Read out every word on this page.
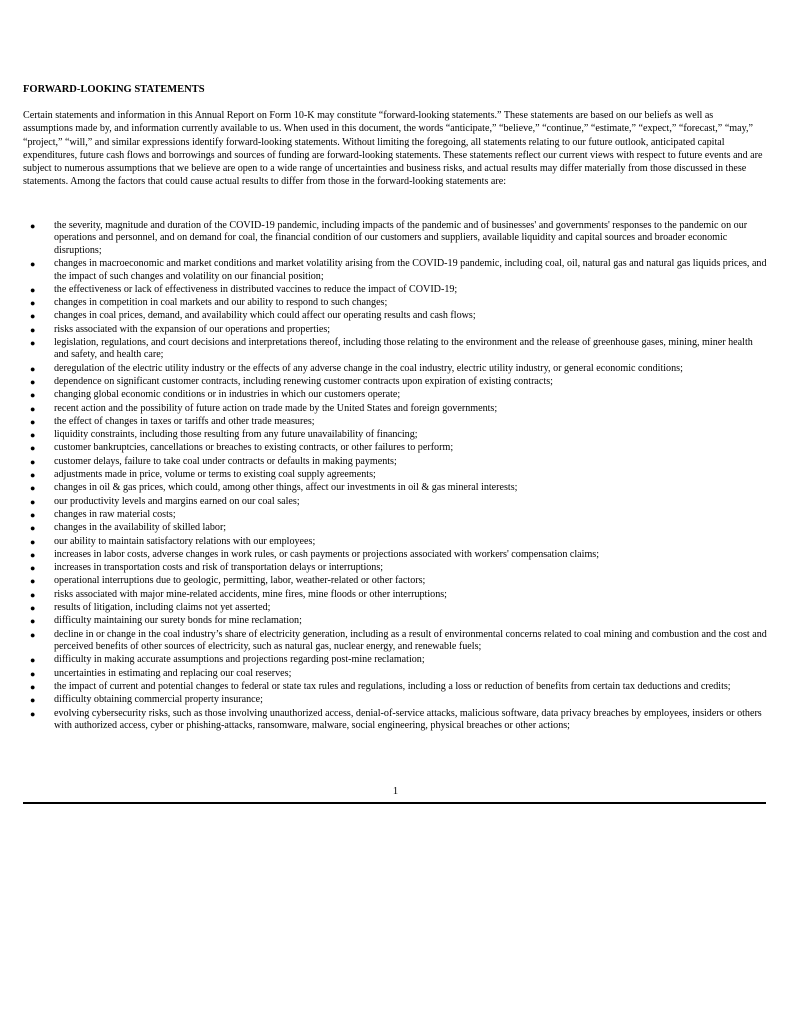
FORWARD-LOOKING STATEMENTS

Certain statements and information in this Annual Report on Form 10-K may constitute “forward-looking statements.” These statements are based on our beliefs as well as assumptions made by, and information currently available to us. When used in this document, the words “anticipate,” “believe,” “continue,” “estimate,” “expect,” “forecast,” “may,” “project,” “will,” and similar expressions identify forward-looking statements. Without limiting the foregoing, all statements relating to our future outlook, anticipated capital expenditures, future cash flows and borrowings and sources of funding are forward-looking statements. These statements reflect our current views with respect to future events and are subject to numerous assumptions that we believe are open to a wide range of uncertainties and business risks, and actual results may differ materially from those discussed in these statements. Among the factors that could cause actual results to differ from those in the forward-looking statements are:

● the severity, magnitude and duration of the COVID-19 pandemic, including impacts of the pandemic and of businesses' and governments' responses to the pandemic on our operations and personnel, and on demand for coal, the financial condition of our customers and suppliers, available liquidity and capital sources and broader economic disruptions;
● changes in macroeconomic and market conditions and market volatility arising from the COVID-19 pandemic, including coal, oil, natural gas and natural gas liquids prices, and the impact of such changes and volatility on our financial position;
● the effectiveness or lack of effectiveness in distributed vaccines to reduce the impact of COVID-19;
● changes in competition in coal markets and our ability to respond to such changes;
● changes in coal prices, demand, and availability which could affect our operating results and cash flows;
● risks associated with the expansion of our operations and properties;
● legislation, regulations, and court decisions and interpretations thereof, including those relating to the environment and the release of greenhouse gases, mining, miner health and safety, and health care;
● deregulation of the electric utility industry or the effects of any adverse change in the coal industry, electric utility industry, or general economic conditions;
● dependence on significant customer contracts, including renewing customer contracts upon expiration of existing contracts;
● changing global economic conditions or in industries in which our customers operate;
● recent action and the possibility of future action on trade made by the United States and foreign governments;
● the effect of changes in taxes or tariffs and other trade measures;
● liquidity constraints, including those resulting from any future unavailability of financing;
● customer bankruptcies, cancellations or breaches to existing contracts, or other failures to perform;
● customer delays, failure to take coal under contracts or defaults in making payments;
● adjustments made in price, volume or terms to existing coal supply agreements;
● changes in oil & gas prices, which could, among other things, affect our investments in oil & gas mineral interests;
● our productivity levels and margins earned on our coal sales;
● changes in raw material costs;
● changes in the availability of skilled labor;
● our ability to maintain satisfactory relations with our employees;
● increases in labor costs, adverse changes in work rules, or cash payments or projections associated with workers' compensation claims;
● increases in transportation costs and risk of transportation delays or interruptions;
● operational interruptions due to geologic, permitting, labor, weather-related or other factors;
● risks associated with major mine-related accidents, mine fires, mine floods or other interruptions;
● results of litigation, including claims not yet asserted;
● difficulty maintaining our surety bonds for mine reclamation;
● decline in or change in the coal industry’s share of electricity generation, including as a result of environmental concerns related to coal mining and combustion and the cost and perceived benefits of other sources of electricity, such as natural gas, nuclear energy, and renewable fuels;
● difficulty in making accurate assumptions and projections regarding post-mine reclamation;
● uncertainties in estimating and replacing our coal reserves;
● the impact of current and potential changes to federal or state tax rules and regulations, including a loss or reduction of benefits from certain tax deductions and credits;
● difficulty obtaining commercial property insurance;
● evolving cybersecurity risks, such as those involving unauthorized access, denial-of-service attacks, malicious software, data privacy breaches by employees, insiders or others with authorized access, cyber or phishing-attacks, ransomware, malware, social engineering, physical breaches or other actions;
1
